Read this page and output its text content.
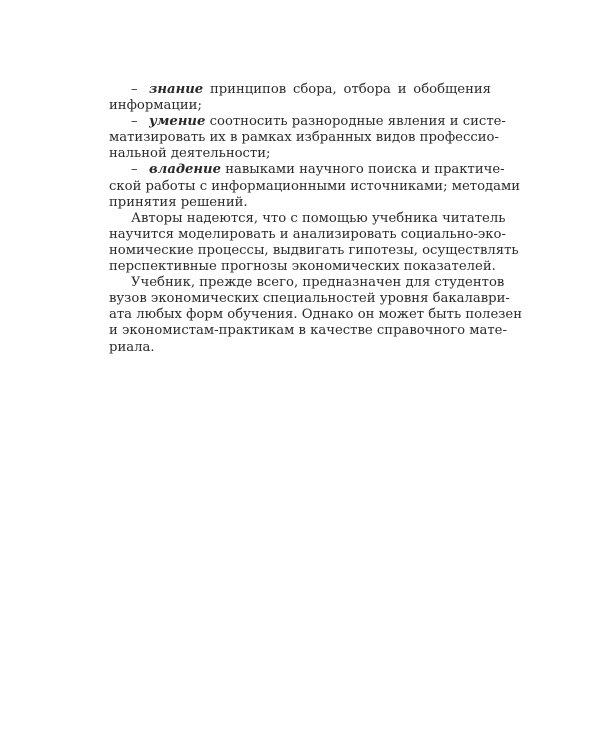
– знание принципов сбора, отбора и обобщения
информации;
– умение соотносить разнородные явления и систе-
матизировать их в рамках избранных видов профессио-
нальной деятельности;
– владение навыками научного поиска и практиче-
ской работы с информационными источниками; методами
принятия решений.
Авторы надеются, что с помощью учебника читатель
научится моделировать и анализировать социально-эко-
номические процессы, выдвигать гипотезы, осуществлять
перспективные прогнозы экономических показателей.
Учебник, прежде всего, предназначен для студентов
вузов экономических специальностей уровня бакалаври-
ата любых форм обучения. Однако он может быть полезен
и экономистам-практикам в качестве справочного мате-
риала.
